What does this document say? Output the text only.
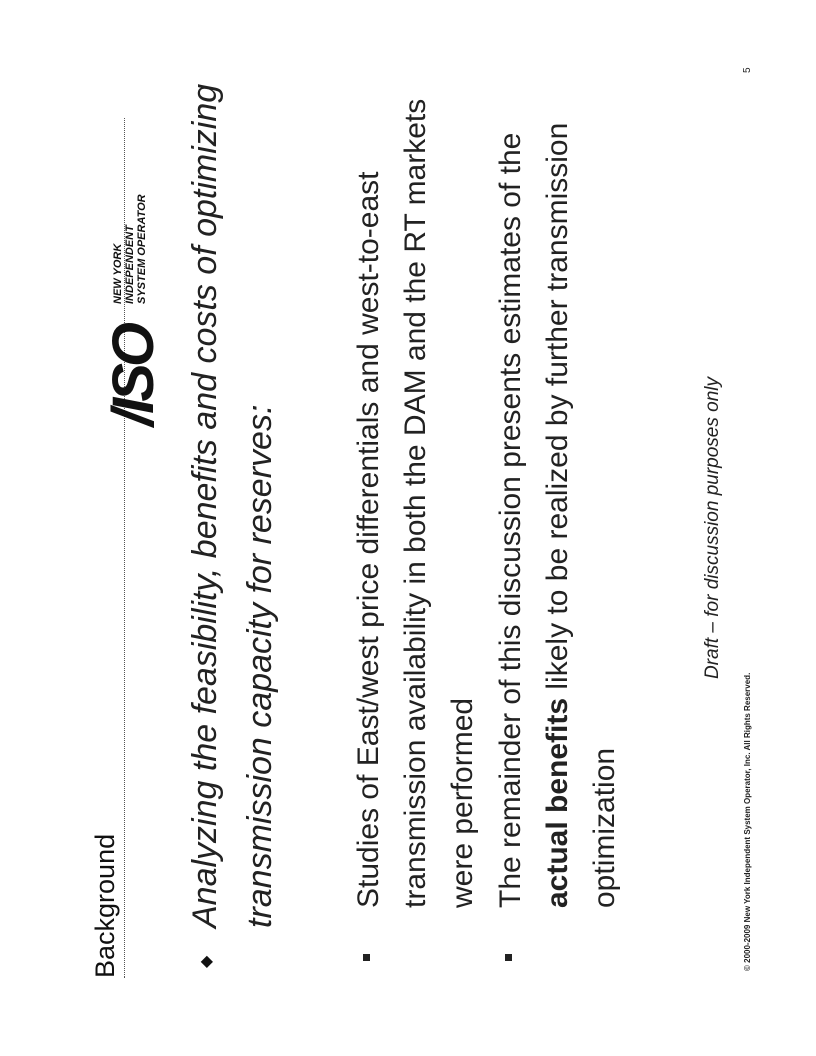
Background
/ISO
NEW YORK INDEPENDENT SYSTEM OPERATOR
◆
Analyzing the feasibility, benefits and costs of optimizing transmission capacity for reserves:	Studies of East/west price differentials and west-to-east transmission availability in both the DAM and the RT markets were performed The remainder of this discussion presents estimates of the actual benefits likely to be realized by further transmission optimization
Draft – for discussion purposes only
© 2000-2009 New York Independent System Operator, Inc. All Rights Reserved.
5
